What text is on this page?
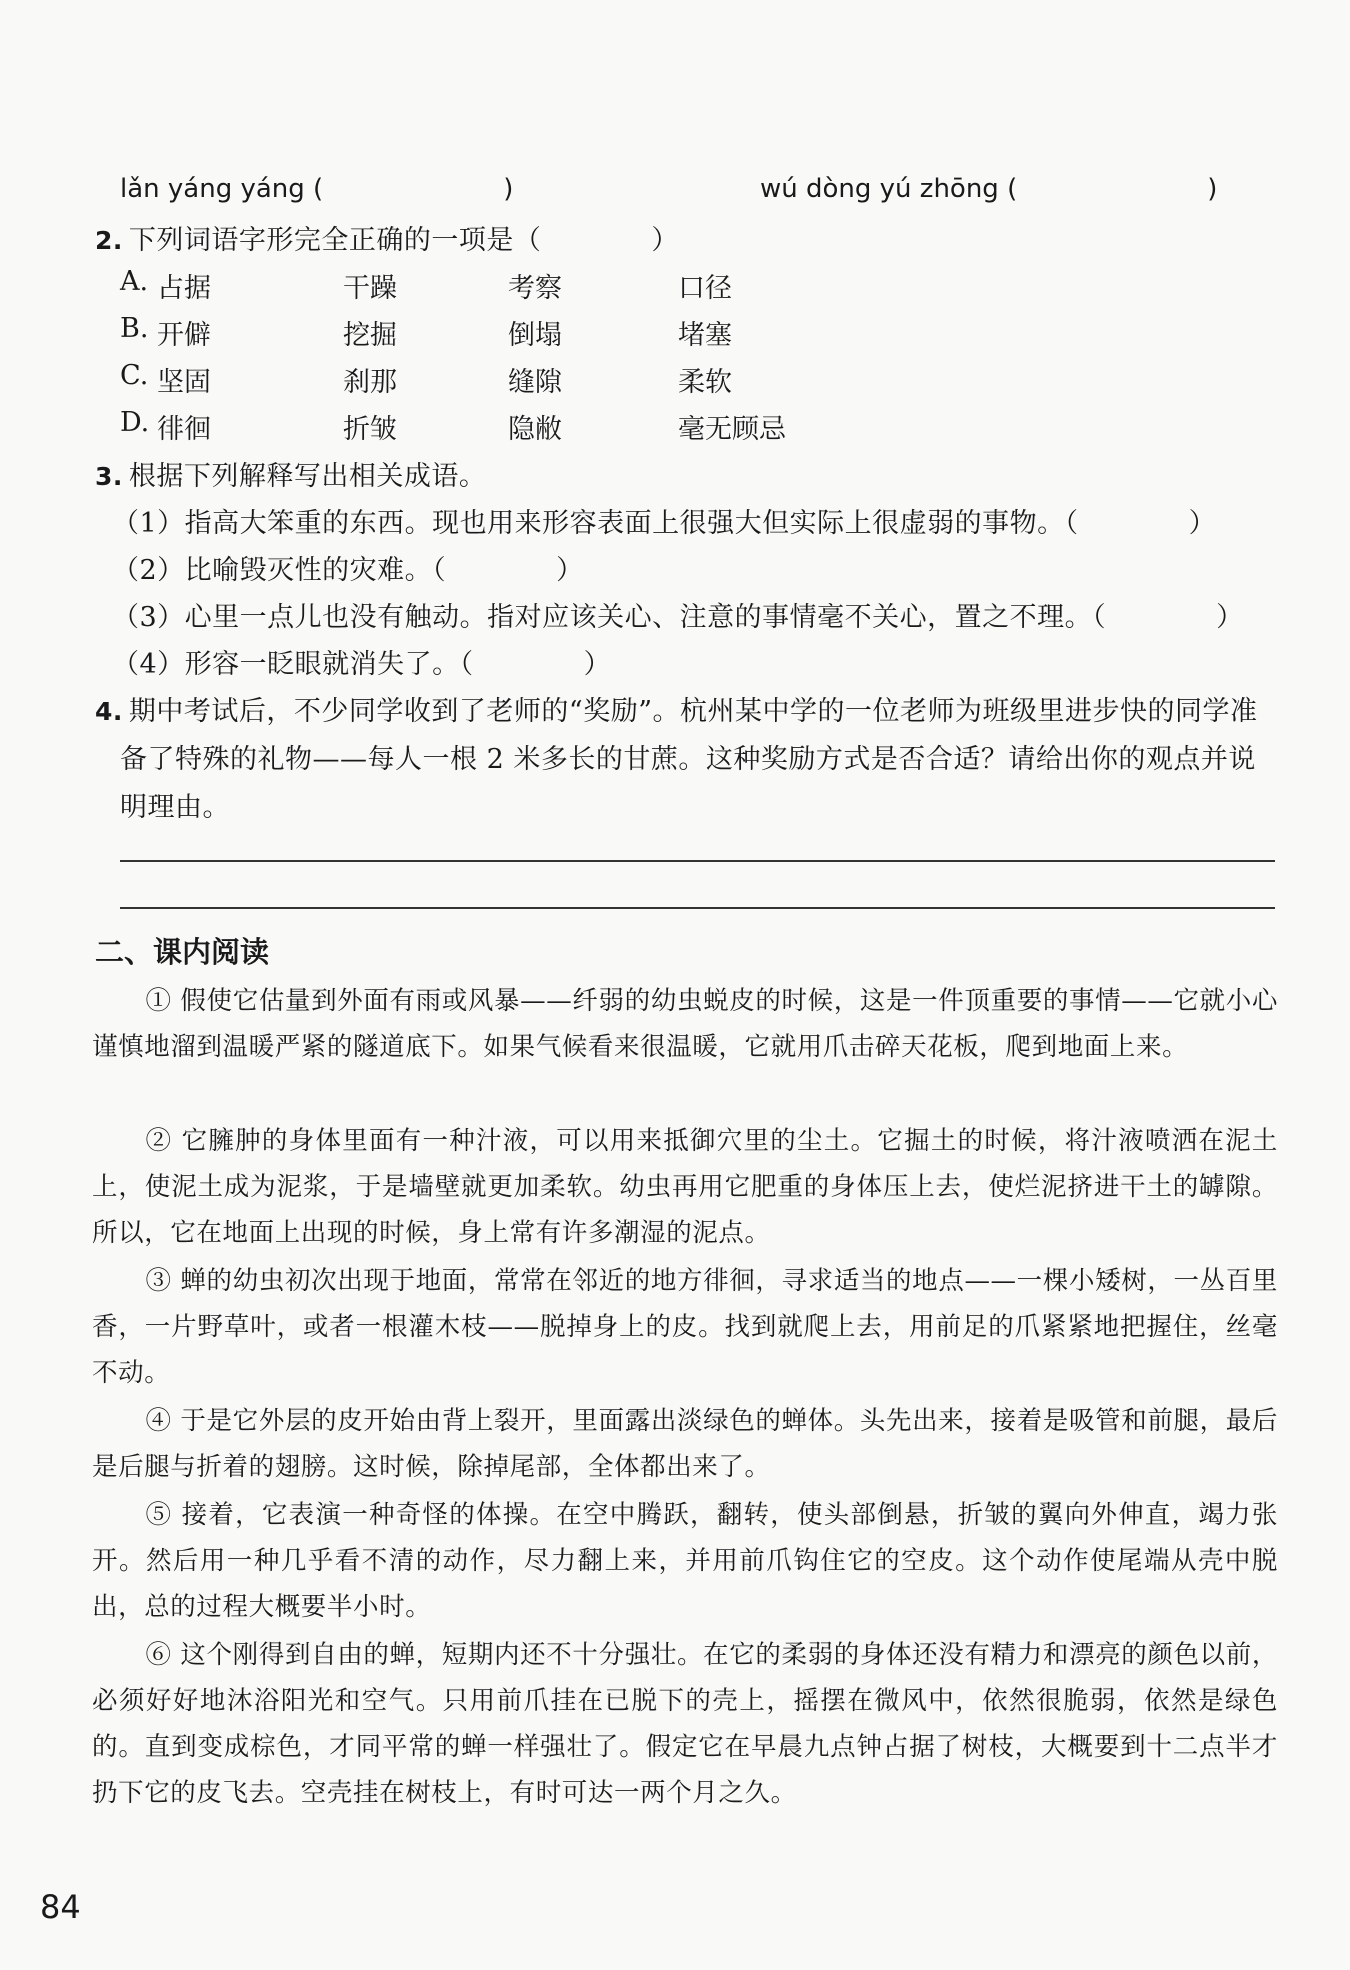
lǎn yáng yáng (	)	wú dòng yú zhōng (	)
2. 下列词语字形完全正确的一项是（　　　　）
A. 占据	干躁	考察	口径
B. 开僻	挖掘	倒塌	堵塞
C. 坚固	刹那	缝隙	柔软
D. 徘徊	折皱	隐敝	毫无顾忌
3. 根据下列解释写出相关成语。
（1）指高大笨重的东西。现也用来形容表面上很强大但实际上很虚弱的事物。（　　　　）
（2）比喻毁灭性的灾难。（　　　　）
（3）心里一点儿也没有触动。指对应该关心、注意的事情毫不关心，置之不理。（　　　　）
（4）形容一眨眼就消失了。（　　　　）
4. 期中考试后，不少同学收到了老师的“奖励”。杭州某中学的一位老师为班级里进步快的同学准
备了特殊的礼物——每人一根 2 米多长的甘蔗。这种奖励方式是否合适？请给出你的观点并说
明理由。
二、课内阅读
① 假使它估量到外面有雨或风暴——纤弱的幼虫蜕皮的时候，这是一件顶重要的事情——它就小心谨慎地溜到温暖严紧的隧道底下。如果气候看来很温暖，它就用爪击碎天花板，爬到地面上来。
② 它臃肿的身体里面有一种汁液，可以用来抵御穴里的尘土。它掘土的时候，将汁液喷洒在泥土上，使泥土成为泥浆，于是墙壁就更加柔软。幼虫再用它肥重的身体压上去，使烂泥挤进干土的罅隙。所以，它在地面上出现的时候，身上常有许多潮湿的泥点。
③ 蝉的幼虫初次出现于地面，常常在邻近的地方徘徊，寻求适当的地点——一棵小矮树，一丛百里香，一片野草叶，或者一根灌木枝——脱掉身上的皮。找到就爬上去，用前足的爪紧紧地把握住，丝毫不动。
④ 于是它外层的皮开始由背上裂开，里面露出淡绿色的蝉体。头先出来，接着是吸管和前腿，最后是后腿与折着的翅膀。这时候，除掉尾部，全体都出来了。
⑤ 接着，它表演一种奇怪的体操。在空中腾跃，翻转，使头部倒悬，折皱的翼向外伸直，竭力张开。然后用一种几乎看不清的动作，尽力翻上来，并用前爪钩住它的空皮。这个动作使尾端从壳中脱出，总的过程大概要半小时。
⑥ 这个刚得到自由的蝉，短期内还不十分强壮。在它的柔弱的身体还没有精力和漂亮的颜色以前，必须好好地沐浴阳光和空气。只用前爪挂在已脱下的壳上，摇摆在微风中，依然很脆弱，依然是绿色的。直到变成棕色，才同平常的蝉一样强壮了。假定它在早晨九点钟占据了树枝，大概要到十二点半才扔下它的皮飞去。空壳挂在树枝上，有时可达一两个月之久。
84
